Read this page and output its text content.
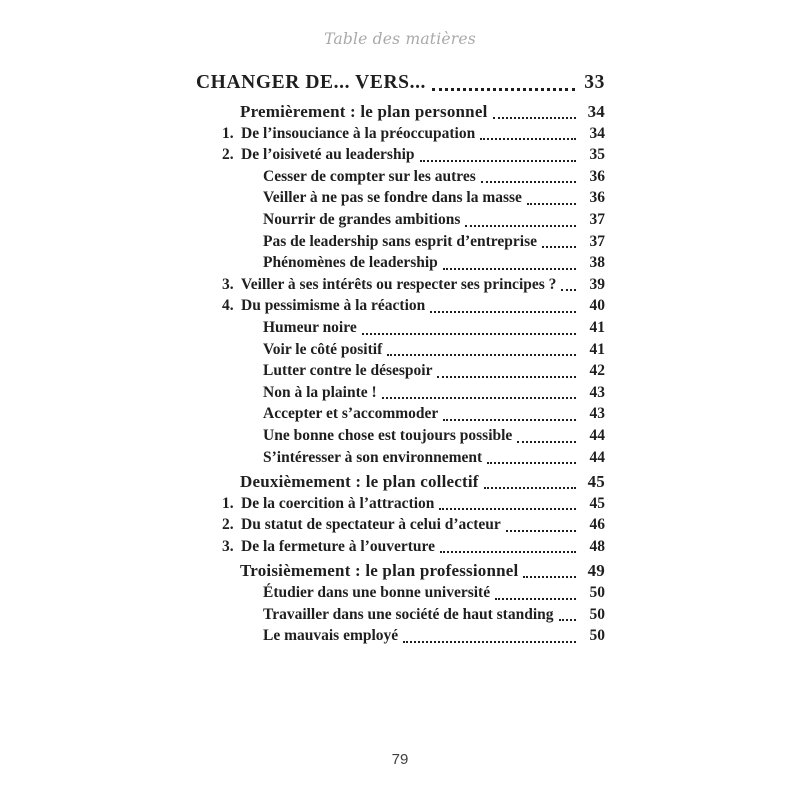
Table des matières
CHANGER DE... VERS...	33
Premièrement : le plan personnel	34
1. De l’insouciance à la préoccupation	34
2. De l’oisiveté au leadership	35
Cesser de compter sur les autres	36
Veiller à ne pas se fondre dans la masse	36
Nourrir de grandes ambitions	37
Pas de leadership sans esprit d’entreprise	37
Phénomènes de leadership	38
3. Veiller à ses intérêts ou respecter ses principes ?	39
4. Du pessimisme à la réaction	40
Humeur noire	41
Voir le côté positif	41
Lutter contre le désespoir	42
Non à la plainte !	43
Accepter et s’accommoder	43
Une bonne chose est toujours possible	44
S’intéresser à son environnement	44
Deuxièmement : le plan collectif	45
1. De la coercition à l’attraction	45
2. Du statut de spectateur à celui d’acteur	46
3. De la fermeture à l’ouverture	48
Troisièmement : le plan professionnel	49
Étudier dans une bonne université	50
Travailler dans une société de haut standing	50
Le mauvais employé	50
79
